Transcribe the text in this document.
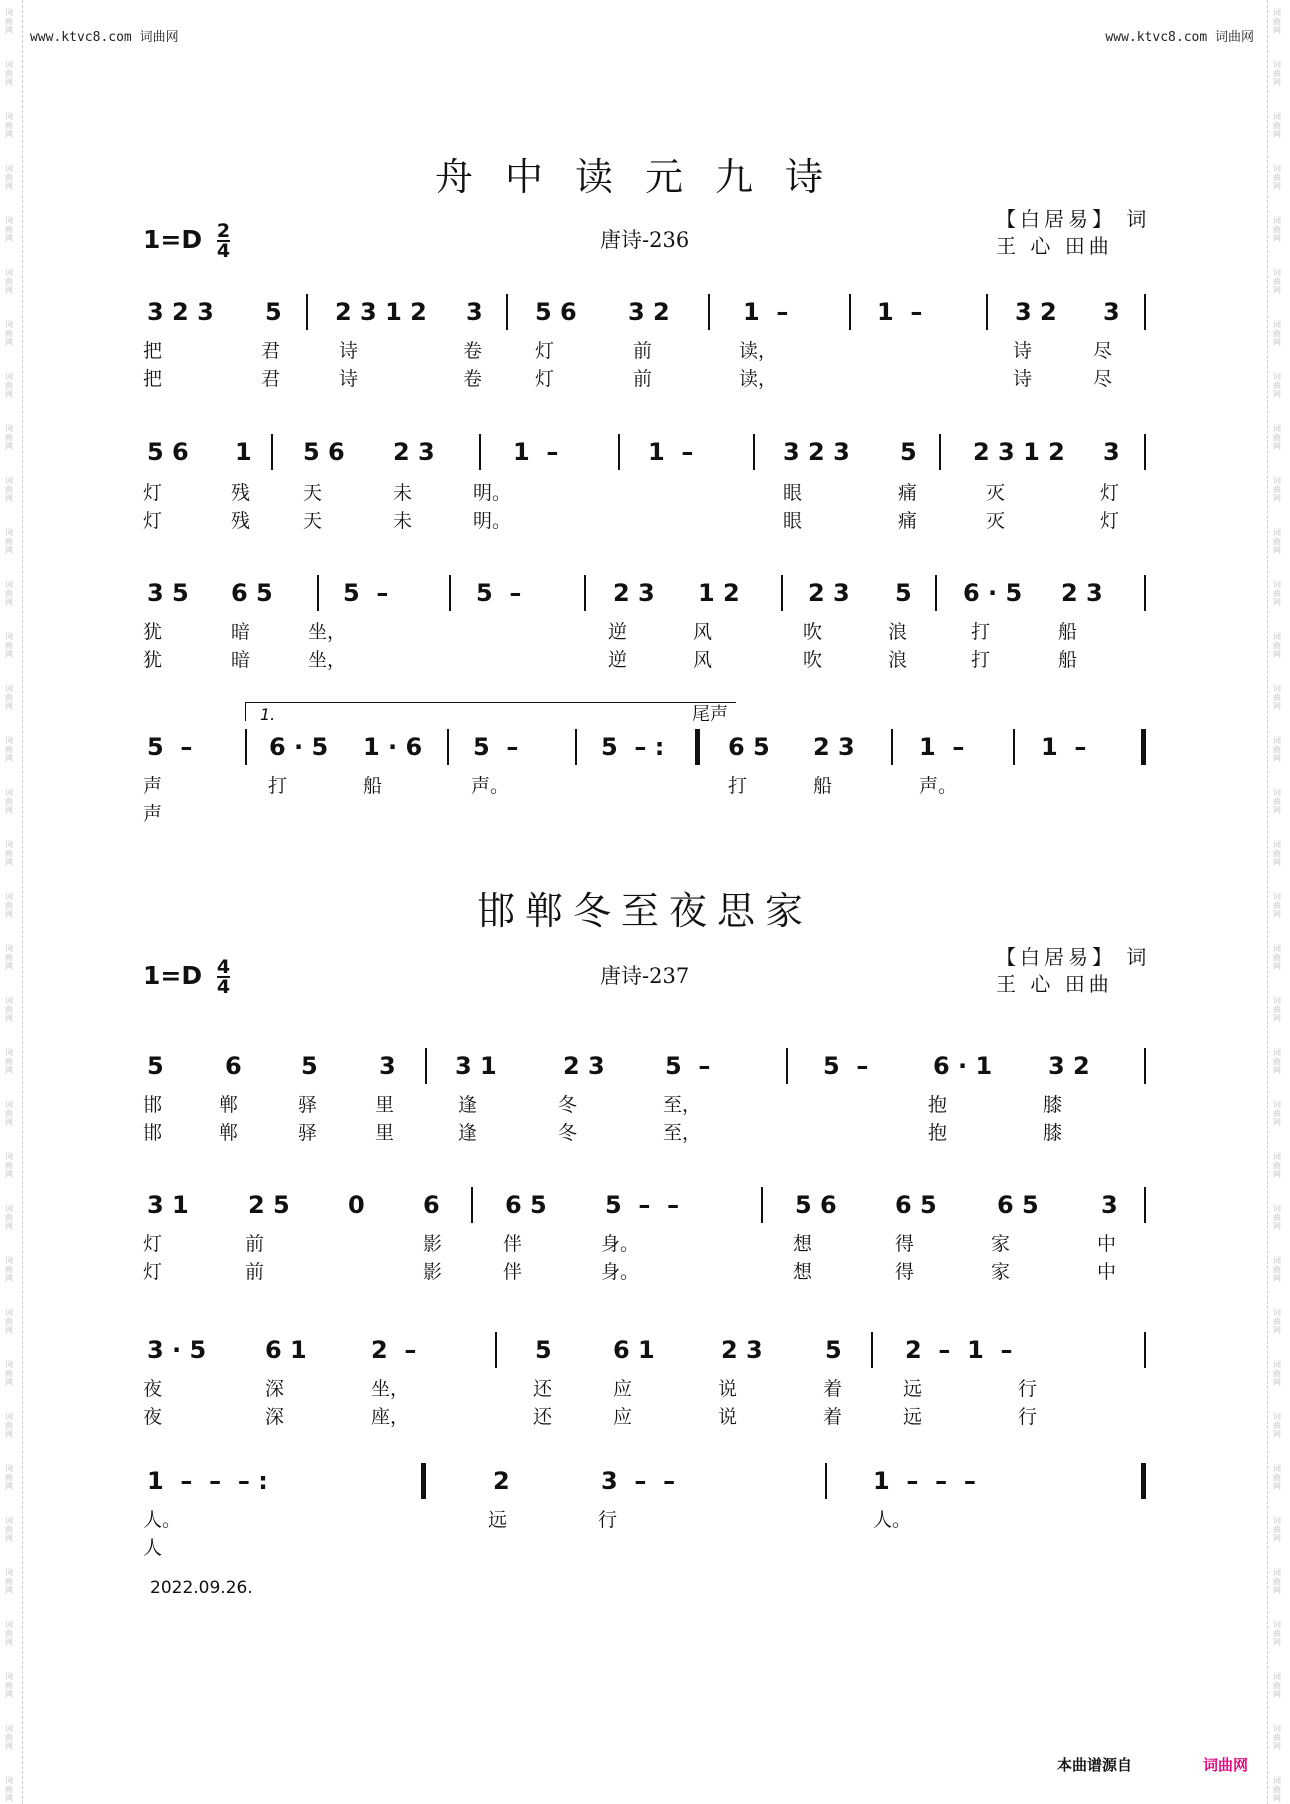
词
曲
网
词
曲
网
词
曲
网
词
曲
网
词
曲
网
词
曲
网
词
曲
网
词
曲
网
词
曲
网
词
曲
网
词
曲
网
词
曲
网
词
曲
网
词
曲
网
词
曲
网
词
曲
网
词
曲
网
词
曲
网
词
曲
网
词
曲
网
词
曲
网
词
曲
网
词
曲
网
词
曲
网
词
曲
网
词
曲
网
词
曲
网
词
曲
网
词
曲
网
词
曲
网
词
曲
网
词
曲
网
词
曲
网
词
曲
网
词
曲
网
词
曲
网
词
曲
网
词
曲
网
词
曲
网
词
曲
网
词
曲
网
词
曲
网
词
曲
网
词
曲
网
词
曲
网
词
曲
网
词
曲
网
词
曲
网
词
曲
网
词
曲
网
词
曲
网
词
曲
网
词
曲
网
词
曲
网
词
曲
网
词
曲
网
词
曲
网
词
曲
网
词
曲
网
词
曲
网
词
曲
网
词
曲
网
词
曲
网
词
曲
网
词
曲
网
词
曲
网
词
曲
网
词
曲
网
词
曲
网
词
曲
网
www.ktvc8.com 词曲网	www.ktvc8.com 词曲网
舟中读元九诗
$1=D \frac{2}{4}$	唐诗-236
【白居易】 词
王 心 田曲
3 2 3 5 2 3 1 2 3 5 6 3 2	1  –	1  –	3 2 3
把	君	诗	卷	灯	前	读，	诗	尽
把	君	诗	卷	灯	前	读，	诗	尽
5 6 1 5 6 2 3	1  –	1  –	3 2 3 5 2 3 1 2 3
灯	残	天	未	明。	眼	痛	灭	灯
灯	残	天	未	明。	眼	痛	灭	灯
3 5 6 5	5  –	5  –	2 3 1 2	2 3 5 6 · 5 2 3
犹	暗	坐，	逆	风	吹	浪	打	船
犹	暗	坐，	逆	风	吹	浪	打	船
1.	尾声
5  –	6 · 5 1 · 6 5  –	5  – :	6 5 2 3	1  –	1  –
声	打	船	声。	打	船	声。
声
邯郸冬至夜思家
$1=D \frac{4}{4}$	唐诗-237
【白居易】 词
王 心 田曲
5	6 5	3 3 1	2 3	5  –	5  –	6 · 1 3 2
邯	郸	驿	里	逢	冬	至，	抱	膝
邯	郸	驿	里	逢	冬	至，	抱	膝
3 1 2 5 0 6	6 5 5  –  –	5 6 6 5	6 5	3
灯	前	影	伴	身。	想	得	家	中
灯	前	影	伴	身。	想	得	家	中
3 · 5 6 1	2  –	5	6 1	2 3	5	2  –  1  –
夜	深	坐，	还	应	说	着	远	行
夜	深	座，	还	应	说	着	远	行
1  –  –  – :	2	3  –  –	1  –  –  –
人。	远	行	人。
人
2022.09.26.
本曲谱源自	词曲网
